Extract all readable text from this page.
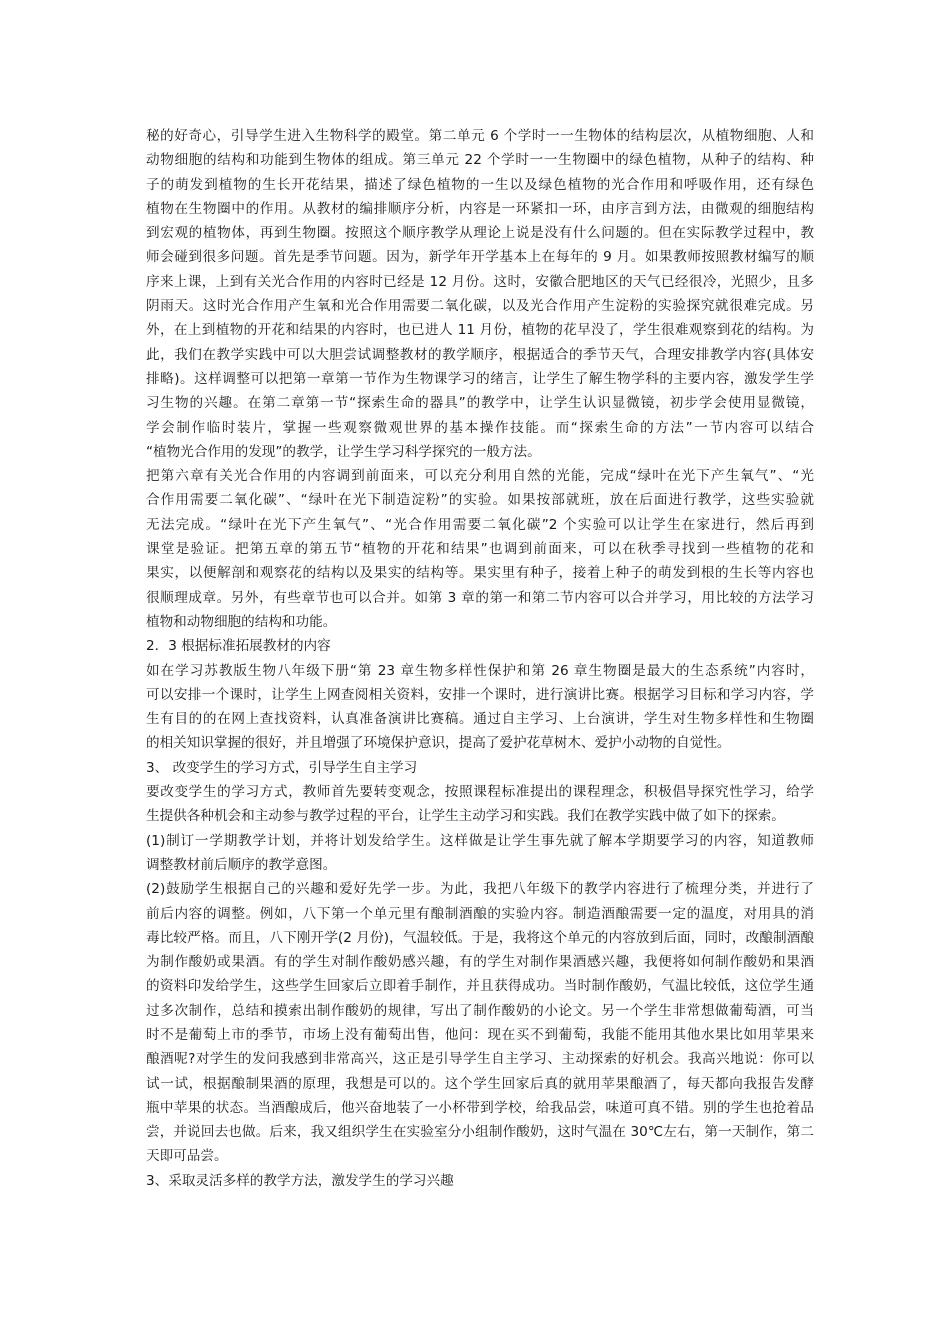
秘的好奇心，引导学生进入生物科学的殿堂。第二单元 6 个学时一一生物体的结构层次，从植物细胞、人和
动物细胞的结构和功能到生物体的组成。第三单元 22 个学时一一生物圈中的绿色植物，从种子的结构、种
子的萌发到植物的生长开花结果，描述了绿色植物的一生以及绿色植物的光合作用和呼吸作用，还有绿色
植物在生物圈中的作用。从教材的编排顺序分析，内容是一环紧扣一环，由序言到方法，由微观的细胞结构
到宏观的植物体，再到生物圈。按照这个顺序教学从理论上说是没有什么问题的。但在实际教学过程中，教
师会碰到很多问题。首先是季节问题。因为，新学年开学基本上在每年的 9 月。如果教师按照教材编写的顺
序来上课，上到有关光合作用的内容时已经是 12 月份。这时，安徽合肥地区的天气已经很冷，光照少，且多
阴雨天。这时光合作用产生氧和光合作用需要二氧化碳，以及光合作用产生淀粉的实验探究就很难完成。另
外，在上到植物的开花和结果的内容时，也已进人 11 月份，植物的花早没了，学生很难观察到花的结构。为
此，我们在教学实践中可以大胆尝试调整教材的教学顺序，根据适合的季节天气，合理安排教学内容(具体安
排略)。这样调整可以把第一章第一节作为生物课学习的绪言，让学生了解生物学科的主要内容，激发学生学
习生物的兴趣。在第二章第一节“探索生命的器具”的教学中，让学生认识显微镜，初步学会使用显微镜，
学会制作临时装片，掌握一些观察微观世界的基本操作技能。而“探索生命的方法”一节内容可以结合
“植物光合作用的发现”的教学，让学生学习科学探究的一般方法。

把第六章有关光合作用的内容调到前面来，可以充分利用自然的光能，完成“绿叶在光下产生氧气”、“光
合作用需要二氧化碳”、“绿叶在光下制造淀粉”的实验。如果按部就班，放在后面进行教学，这些实验就
无法完成。“绿叶在光下产生氧气”、“光合作用需要二氧化碳”2 个实验可以让学生在家进行，然后再到
课堂是验证。把第五章的第五节“植物的开花和结果”也调到前面来，可以在秋季寻找到一些植物的花和
果实，以便解剖和观察花的结构以及果实的结构等。果实里有种子，接着上种子的萌发到根的生长等内容也
很顺理成章。另外，有些章节也可以合并。如第 3 章的第一和第二节内容可以合并学习，用比较的方法学习
植物和动物细胞的结构和功能。

2．3 根据标准拓展教材的内容

如在学习苏教版生物八年级下册“第 23 章生物多样性保护和第 26 章生物圈是最大的生态系统”内容时，
可以安排一个课时，让学生上网查阅相关资料，安排一个课时，进行演讲比赛。根据学习目标和学习内容，学
生有目的的在网上查找资料，认真准备演讲比赛稿。通过自主学习、上台演讲，学生对生物多样性和生物圈
的相关知识掌握的很好，并且增强了环境保护意识，提高了爱护花草树木、爱护小动物的自觉性。

3、 改变学生的学习方式，引导学生自主学习

要改变学生的学习方式，教师首先要转变观念，按照课程标准提出的课程理念，积极倡导探究性学习，给学
生提供各种机会和主动参与教学过程的平台，让学生主动学习和实践。我们在教学实践中做了如下的探索。

(1)制订一学期教学计划，并将计划发给学生。这样做是让学生事先就了解本学期要学习的内容，知道教师
调整教材前后顺序的教学意图。

(2)鼓励学生根据自己的兴趣和爱好先学一步。为此，我把八年级下的教学内容进行了梳理分类，并进行了
前后内容的调整。例如，八下第一个单元里有酿制酒酿的实验内容。制造酒酿需要一定的温度，对用具的消
毒比较严格。而且，八下刚开学(2 月份)，气温较低。于是，我将这个单元的内容放到后面，同时，改酿制酒酿
为制作酸奶或果酒。有的学生对制作酸奶感兴趣，有的学生对制作果酒感兴趣，我便将如何制作酸奶和果酒
的资料印发给学生，这些学生回家后立即着手制作，并且获得成功。当时制作酸奶，气温比较低，这位学生通
过多次制作，总结和摸索出制作酸奶的规律，写出了制作酸奶的小论文。另一个学生非常想做葡萄酒，可当
时不是葡萄上市的季节，市场上没有葡萄出售，他问：现在买不到葡萄，我能不能用其他水果比如用苹果来
酿酒呢?对学生的发问我感到非常高兴，这正是引导学生自主学习、主动探索的好机会。我高兴地说：你可以
试一试，根据酿制果酒的原理，我想是可以的。这个学生回家后真的就用苹果酿酒了，每天都向我报告发酵
瓶中苹果的状态。当酒酿成后，他兴奋地装了一小杯带到学校，给我品尝，味道可真不错。别的学生也抢着品
尝，并说回去也做。后来，我又组织学生在实验室分小组制作酸奶，这时气温在 30℃左右，第一天制作，第二
天即可品尝。

3、采取灵活多样的教学方法，激发学生的学习兴趣
